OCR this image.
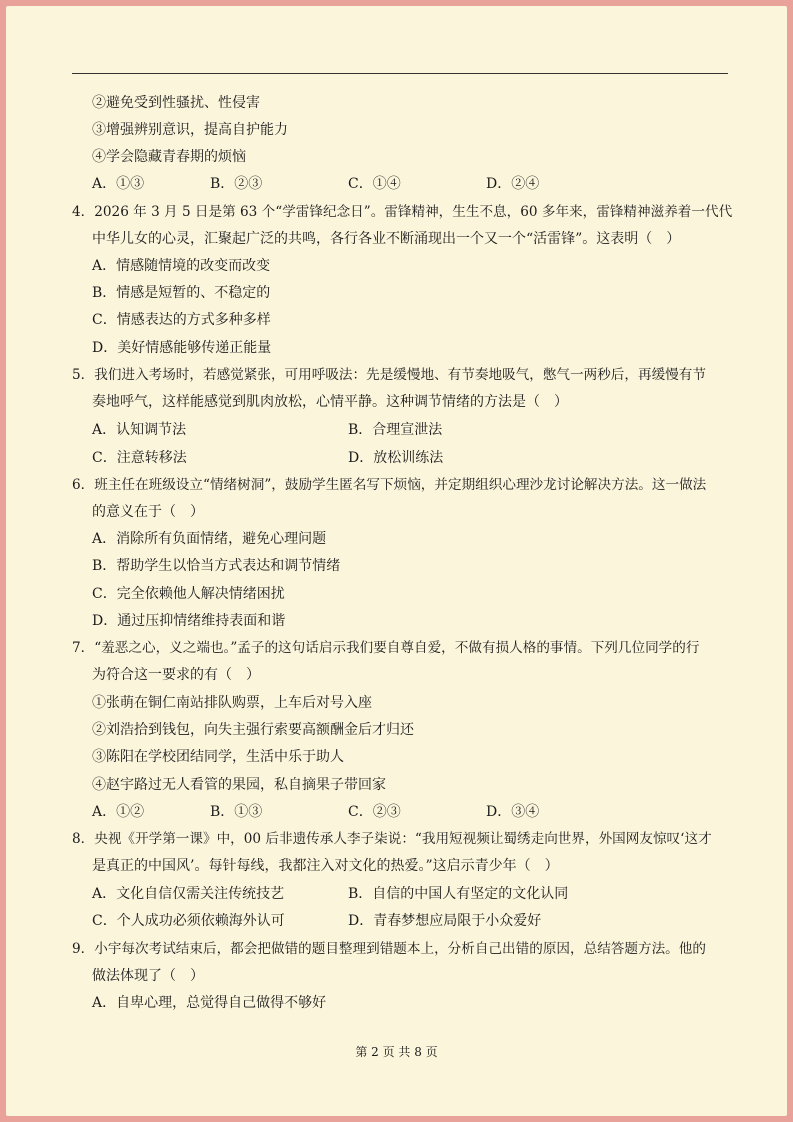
②避免受到性骚扰、性侵害
③增强辨别意识，提高自护能力
④学会隐藏青春期的烦恼
A．①③	B．②③	C．①④	D．②④
4．2026 年 3 月 5 日是第 63 个“学雷锋纪念日”。雷锋精神，生生不息，60 多年来，雷锋精神滋养着一代代
中华儿女的心灵，汇聚起广泛的共鸣，各行各业不断涌现出一个又一个“活雷锋”。这表明（　）
A．情感随情境的改变而改变
B．情感是短暂的、不稳定的
C．情感表达的方式多种多样
D．美好情感能够传递正能量
5．我们进入考场时，若感觉紧张，可用呼吸法：先是缓慢地、有节奏地吸气，憋气一两秒后，再缓慢有节
奏地呼气，这样能感觉到肌肉放松，心情平静。这种调节情绪的方法是（　）
A．认知调节法	B．合理宣泄法
C．注意转移法	D．放松训练法
6．班主任在班级设立“情绪树洞”，鼓励学生匿名写下烦恼，并定期组织心理沙龙讨论解决方法。这一做法
的意义在于（　）
A．消除所有负面情绪，避免心理问题
B．帮助学生以恰当方式表达和调节情绪
C．完全依赖他人解决情绪困扰
D．通过压抑情绪维持表面和谐
7．“羞恶之心，义之端也。”孟子的这句话启示我们要自尊自爱，不做有损人格的事情。下列几位同学的行
为符合这一要求的有（　）
①张萌在铜仁南站排队购票，上车后对号入座
②刘浩拾到钱包，向失主强行索要高额酬金后才归还
③陈阳在学校团结同学，生活中乐于助人
④赵宇路过无人看管的果园，私自摘果子带回家
A．①②	B．①③	C．②③	D．③④
8．央视《开学第一课》中，00 后非遗传承人李子柒说：“我用短视频让蜀绣走向世界，外国网友惊叹‘这才
是真正的中国风’。每针每线，我都注入对文化的热爱。”这启示青少年（　）
A．文化自信仅需关注传统技艺	B．自信的中国人有坚定的文化认同
C．个人成功必须依赖海外认可	D．青春梦想应局限于小众爱好
9．小宇每次考试结束后，都会把做错的题目整理到错题本上，分析自己出错的原因，总结答题方法。他的
做法体现了（　）
A．自卑心理，总觉得自己做得不够好
第 2 页 共 8 页
